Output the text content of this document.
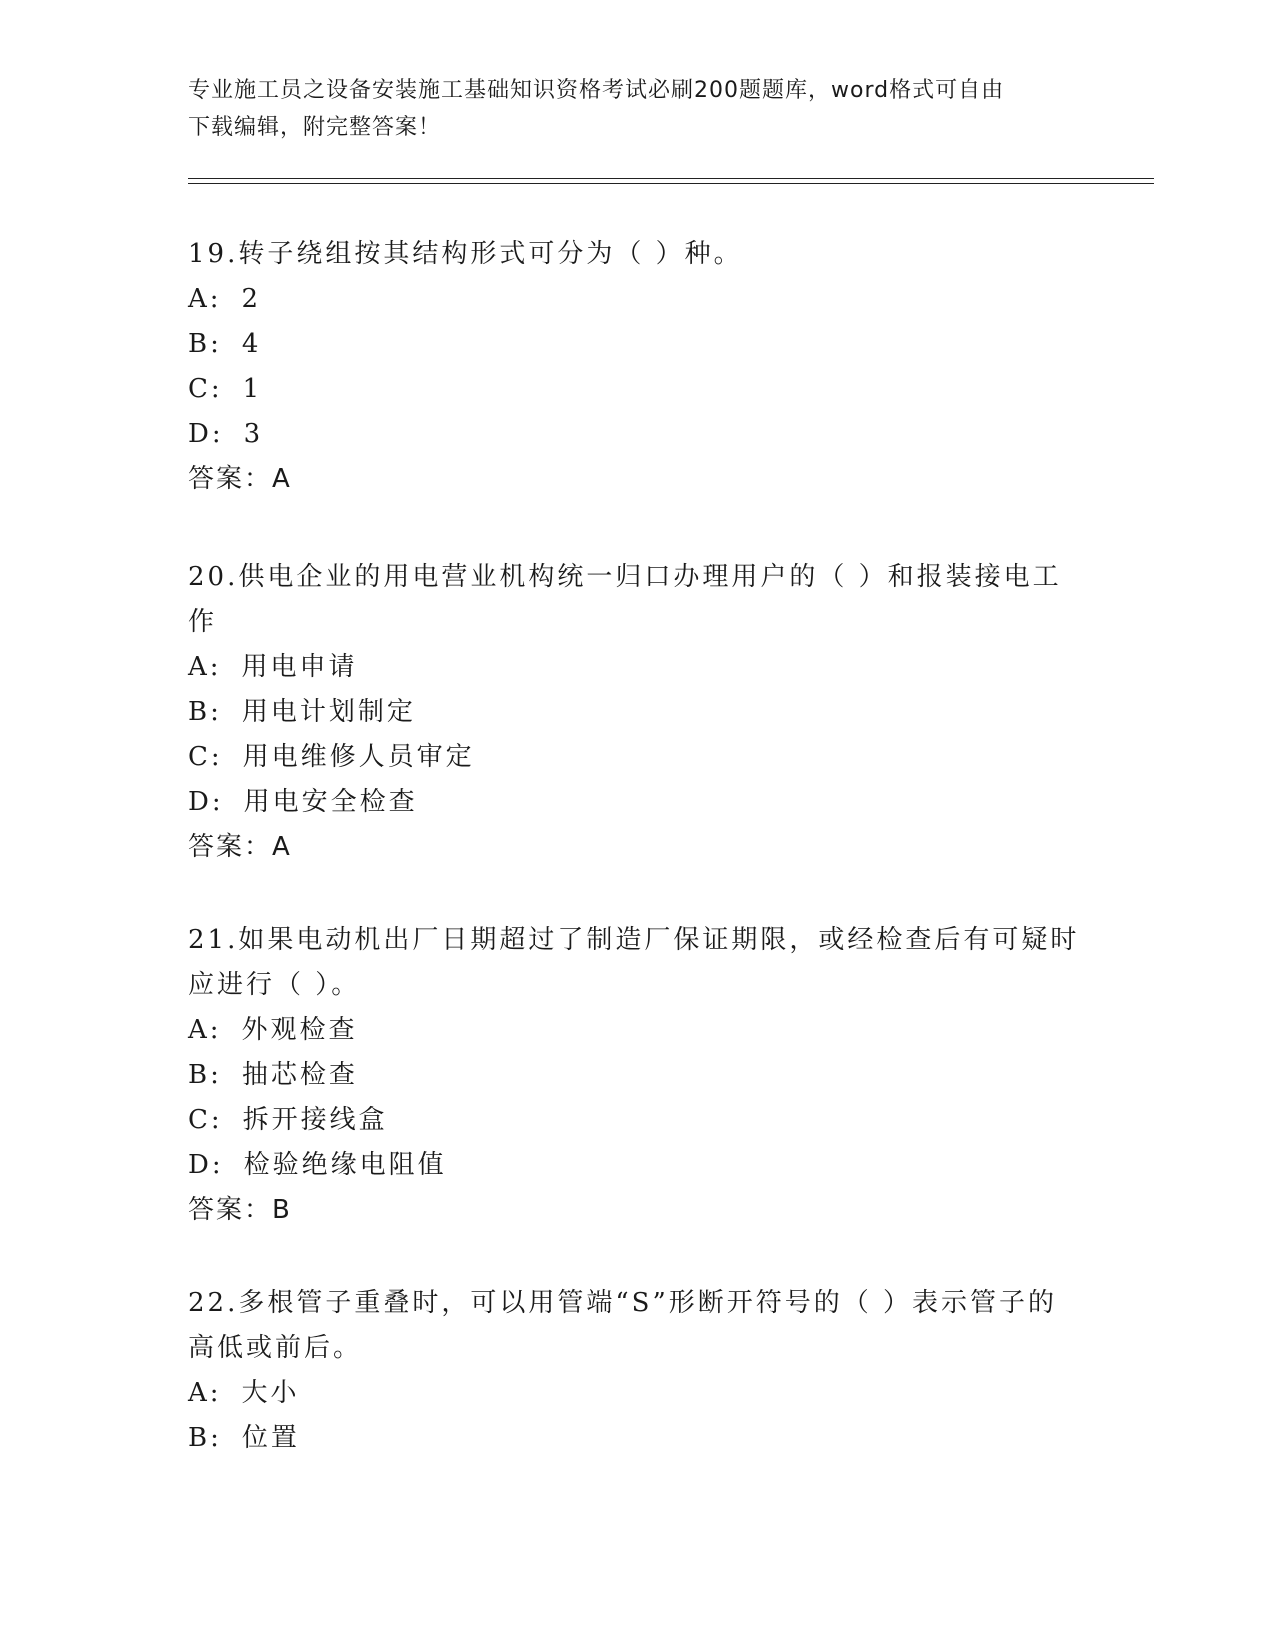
专业施工员之设备安装施工基础知识资格考试必刷200题题库，word格式可自由
下载编辑，附完整答案！
19.转子绕组按其结构形式可分为（ ）种。
A: 2
B: 4
C: 1
D: 3
答案：A
20.供电企业的用电营业机构统一归口办理用户的（ ）和报装接电工
作
A: 用电申请
B: 用电计划制定
C: 用电维修人员审定
D: 用电安全检查
答案：A
21.如果电动机出厂日期超过了制造厂保证期限，或经检查后有可疑时
应进行（ ）。
A: 外观检查
B: 抽芯检查
C: 拆开接线盒
D: 检验绝缘电阻值
答案：B
22.多根管子重叠时，可以用管端“S”形断开符号的（ ）表示管子的
高低或前后。
A: 大小
B: 位置
